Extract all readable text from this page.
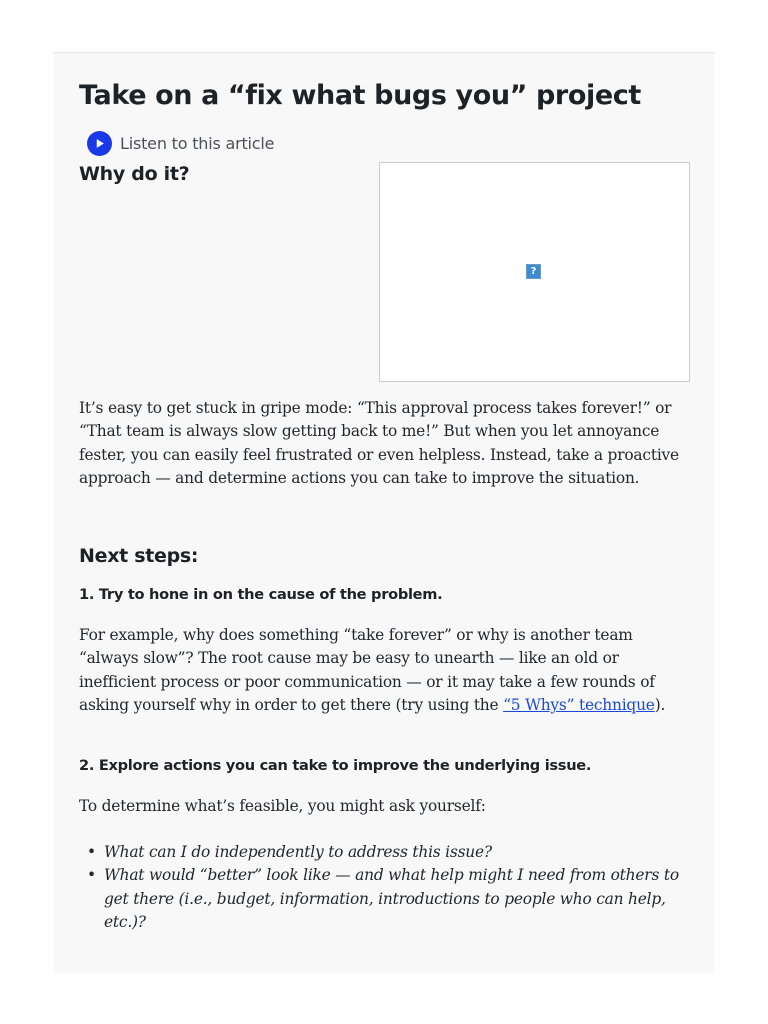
Take on a “fix what bugs you” project
Listen to this article
Why do it?
?

It’s easy to get stuck in gripe mode: “This approval process takes forever!” or “That team is always slow getting back to me!” But when you let annoyance fester, you can easily feel frustrated or even helpless. Instead, take a proactive approach — and determine actions you can take to improve the situation.

Next steps:
1. Try to hone in on the cause of the problem.

For example, why does something “take forever” or why is another team “always slow”? The root cause may be easy to unearth — like an old or inefficient process or poor communication — or it may take a few rounds of asking yourself why in order to get there (try using the “5 Whys” technique).

2. Explore actions you can take to improve the underlying issue.

To determine what’s feasible, you might ask yourself:

• What can I do independently to address this issue?
• What would “better” look like — and what help might I need from others to get there (i.e., budget, information, introductions to people who can help, etc.)?
